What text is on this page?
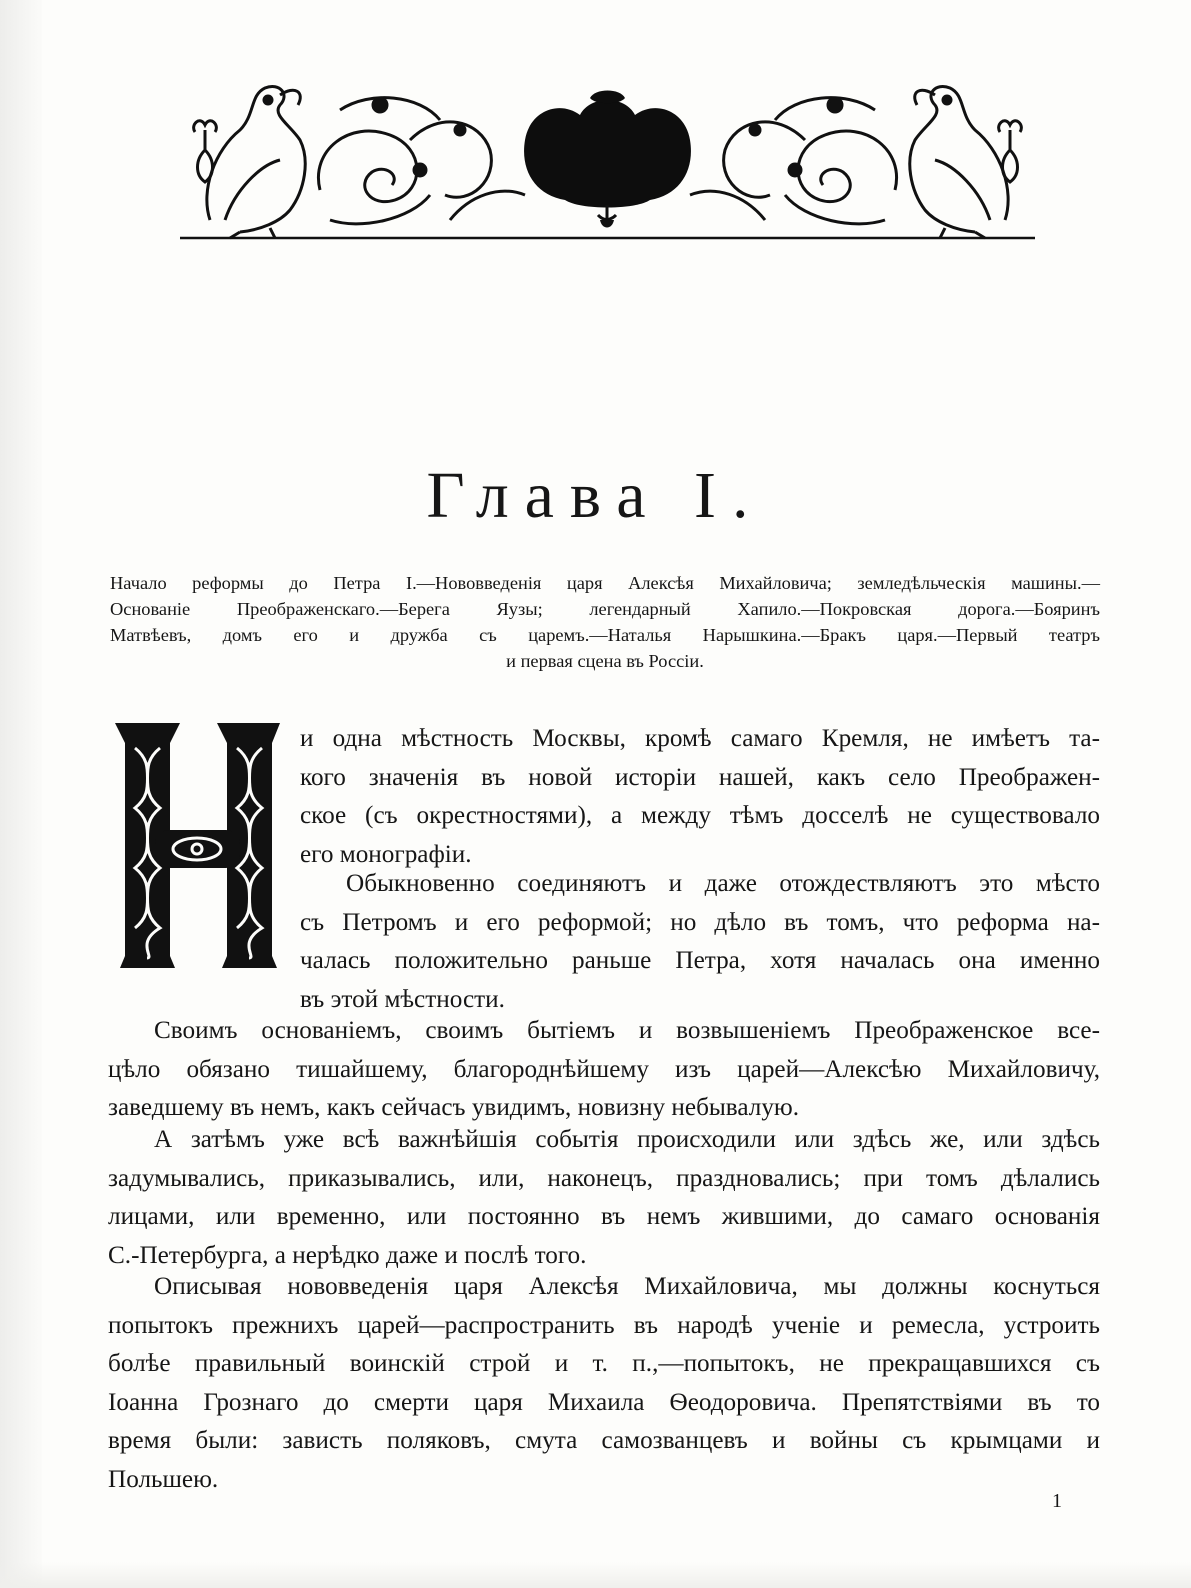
Глава I.

Начало реформы до Петра I.—Нововведенія царя Алексѣя Михайловича; земледѣльческія машины.—
Основаніе Преображенскаго.—Берега Яузы; легендарный Хапило.—Покровская дорога.—Бояринъ
Матвѣевъ, домъ его и дружба съ царемъ.—Наталья Нарышкина.—Бракъ царя.—Первый театръ
и первая сцена въ Россіи.

и одна мѣстность Москвы, кромѣ самаго Кремля, не имѣетъ та-
кого значенія въ новой исторіи нашей, какъ село Преображен-
ское (съ окрестностями), а между тѣмъ досселѣ не существовало
его монографіи.

Обыкновенно соединяютъ и даже отождествляютъ это мѣсто
съ Петромъ и его реформой; но дѣло въ томъ, что реформа на-
чалась положительно раньше Петра, хотя началась она именно
въ этой мѣстности.

Своимъ основаніемъ, своимъ бытіемъ и возвышеніемъ Преображенское все-
цѣло обязано тишайшему, благороднѣйшему изъ царей—Алексѣю Михайловичу,
заведшему въ немъ, какъ сейчасъ увидимъ, новизну небывалую.

А затѣмъ уже всѣ важнѣйшія событія происходили или здѣсь же, или здѣсь
задумывались, приказывались, или, наконецъ, праздновались; при томъ дѣлались
лицами, или временно, или постоянно въ немъ жившими, до самаго основанія
С.-Петербурга, а нерѣдко даже и послѣ того.

Описывая нововведенія царя Алексѣя Михайловича, мы должны коснуться
попытокъ прежнихъ царей—распространить въ народѣ ученіе и ремесла, устроить
болѣе правильный воинскій строй и т. п.,—попытокъ, не прекращавшихся съ
Іоанна Грознаго до смерти царя Михаила Ѳеодоровича. Препятствіями въ то
время были: зависть поляковъ, смута самозванцевъ и войны съ крымцами и
Польшею.

1
